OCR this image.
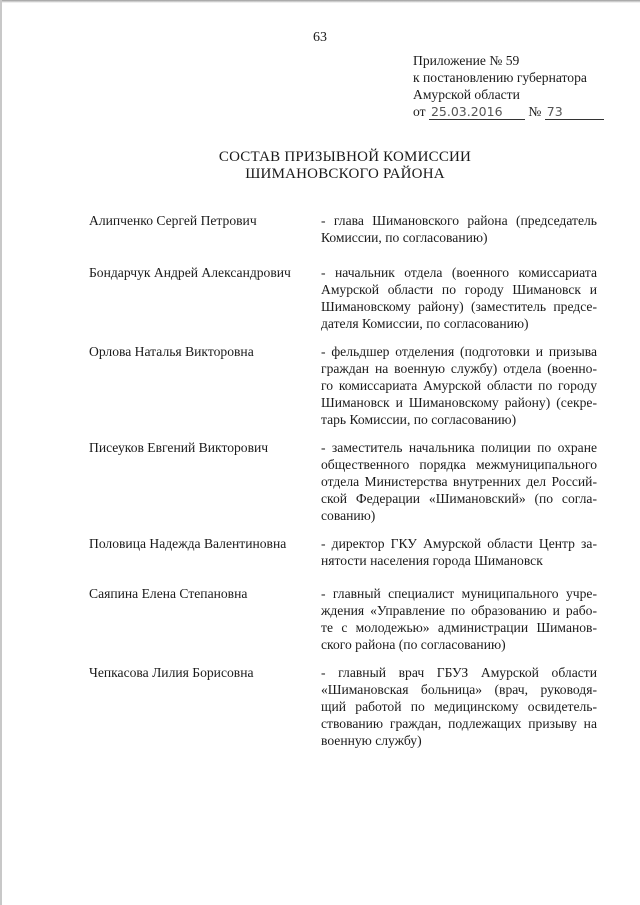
63
Приложение № 59
к постановлению губернатора
Амурской области
от 25.03.2016 № 73
СОСТАВ ПРИЗЫВНОЙ КОМИССИИ
ШИМАНОВСКОГО РАЙОНА
Алипченко Сергей Петрович	- глава Шимановского района (председатель
Комиссии, по согласованию)
Бондарчук Андрей Александрович	- начальник отдела (военного комиссариата
Амурской области по городу Шимановск и
Шимановскому району) (заместитель предсе-
дателя Комиссии, по согласованию)
Орлова Наталья Викторовна	- фельдшер отделения (подготовки и призыва
граждан на военную службу) отдела (военно-
го комиссариата Амурской области по городу
Шимановск и Шимановскому району) (секре-
тарь Комиссии, по согласованию)
Писеуков Евгений Викторович	- заместитель начальника полиции по охране
общественного порядка межмуниципального
отдела Министерства внутренних дел Россий-
ской Федерации «Шимановский» (по согла-
сованию)
Половица Надежда Валентиновна	- директор ГКУ Амурской области Центр за-
нятости населения города Шимановск
Саяпина Елена Степановна	- главный специалист муниципального учре-
ждения «Управление по образованию и рабо-
те с молодежью» администрации Шиманов-
ского района (по согласованию)
Чепкасова Лилия Борисовна	- главный врач ГБУЗ Амурской области
«Шимановская больница» (врач, руководя-
щий работой по медицинскому освидетель-
ствованию граждан, подлежащих призыву на
военную службу)
